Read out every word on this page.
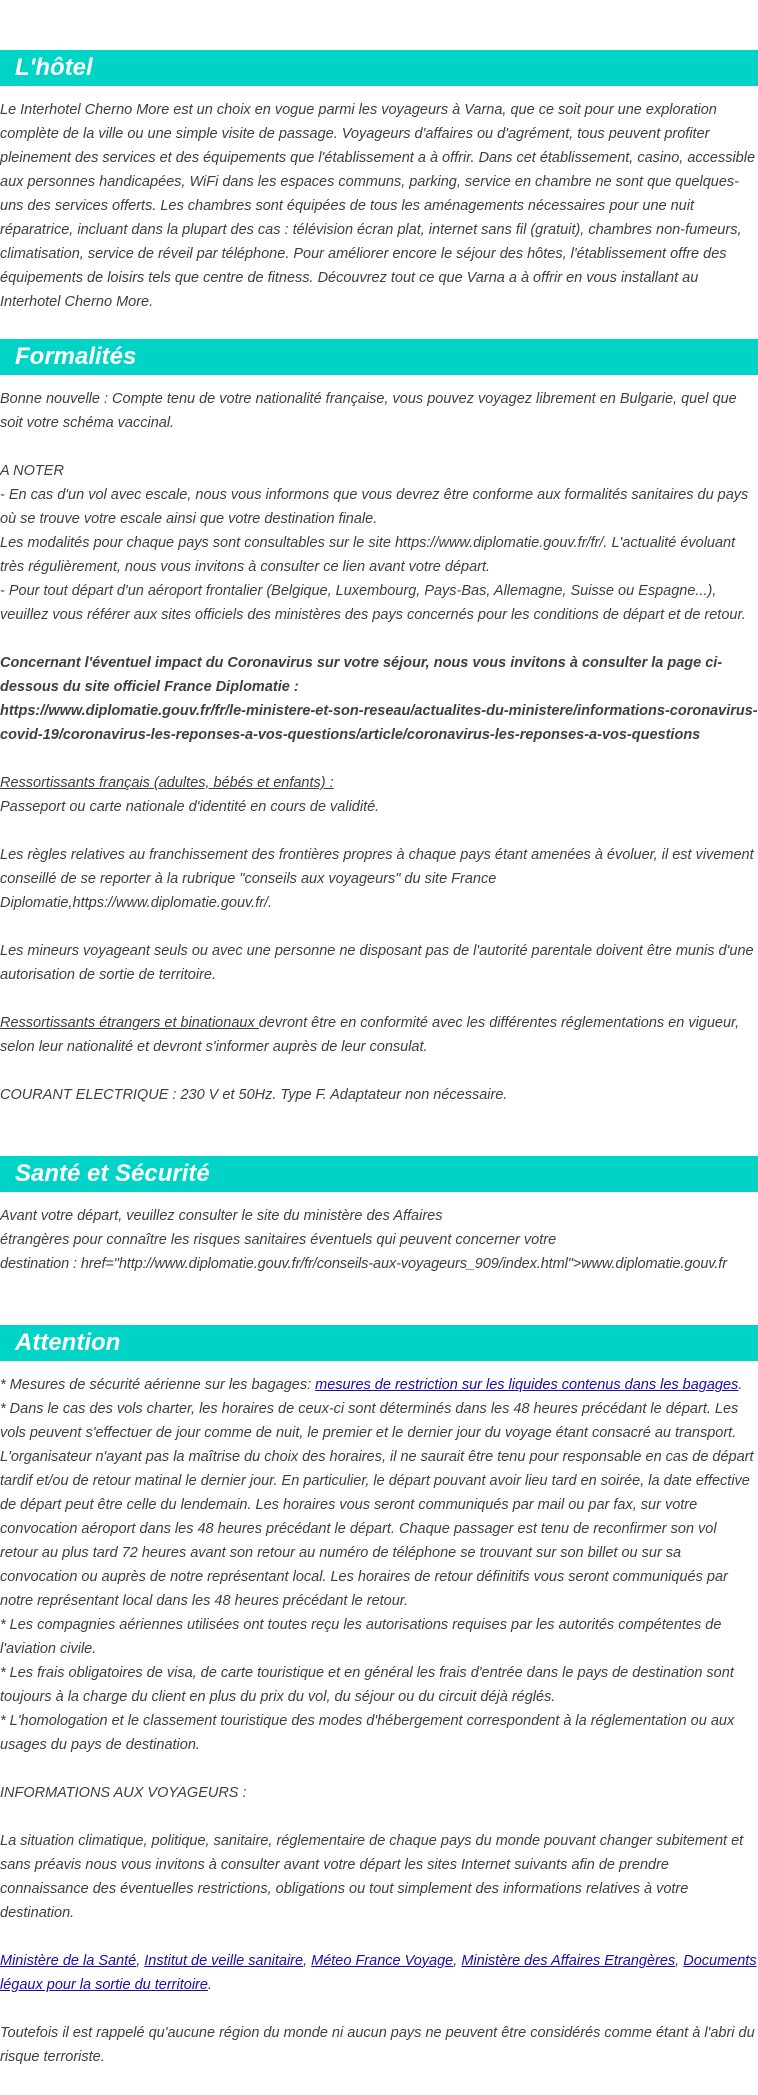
L'hôtel

Le Interhotel Cherno More est un choix en vogue parmi les voyageurs à Varna, que ce soit pour une exploration complète de la ville ou une simple visite de passage. Voyageurs d'affaires ou d'agrément, tous peuvent profiter pleinement des services et des équipements que l'établissement a à offrir. Dans cet établissement, casino, accessible aux personnes handicapées, WiFi dans les espaces communs, parking, service en chambre ne sont que quelques-uns des services offerts. Les chambres sont équipées de tous les aménagements nécessaires pour une nuit réparatrice, incluant dans la plupart des cas : télévision écran plat, internet sans fil (gratuit), chambres non-fumeurs, climatisation, service de réveil par téléphone. Pour améliorer encore le séjour des hôtes, l'établissement offre des équipements de loisirs tels que centre de fitness. Découvrez tout ce que Varna a à offrir en vous installant au Interhotel Cherno More.

Formalités

Bonne nouvelle : Compte tenu de votre nationalité française, vous pouvez voyagez librement en Bulgarie, quel que soit votre schéma vaccinal.

A NOTER

- En cas d'un vol avec escale, nous vous informons que vous devrez être conforme aux formalités sanitaires du pays où se trouve votre escale ainsi que votre destination finale.

Les modalités pour chaque pays sont consultables sur le site https://www.diplomatie.gouv.fr/fr/. L'actualité évoluant très régulièrement, nous vous invitons à consulter ce lien avant votre départ.

- Pour tout départ d'un aéroport frontalier (Belgique, Luxembourg, Pays-Bas, Allemagne, Suisse ou Espagne...), veuillez vous référer aux sites officiels des ministères des pays concernés pour les conditions de départ et de retour.

Concernant l'éventuel impact du Coronavirus sur votre séjour, nous vous invitons à consulter la page ci-dessous du site officiel France Diplomatie :
https://www.diplomatie.gouv.fr/fr/le-ministere-et-son-reseau/actualites-du-ministere/informations-coronavirus-covid-19/coronavirus-les-reponses-a-vos-questions/article/coronavirus-les-reponses-a-vos-questions

Ressortissants français (adultes, bébés et enfants) :

Passeport ou carte nationale d'identité en cours de validité.

Les règles relatives au franchissement des frontières propres à chaque pays étant amenées à évoluer, il est vivement conseillé de se reporter à la rubrique "conseils aux voyageurs" du site France Diplomatie,https://www.diplomatie.gouv.fr/.

Les mineurs voyageant seuls ou avec une personne ne disposant pas de l'autorité parentale doivent être munis d'une autorisation de sortie de territoire.

Ressortissants étrangers et binationaux devront être en conformité avec les différentes réglementations en vigueur, selon leur nationalité et devront s'informer auprès de leur consulat.

COURANT ELECTRIQUE : 230 V et 50Hz. Type F. Adaptateur non nécessaire.

Santé et Sécurité

Avant votre départ, veuillez consulter le site du ministère des Affaires

étrangères pour connaître les risques sanitaires éventuels qui peuvent concerner votre

destination : href="http://www.diplomatie.gouv.fr/fr/conseils-aux-voyageurs_909/index.html">www.diplomatie.gouv.fr

Attention

* Mesures de sécurité aérienne sur les bagages: mesures de restriction sur les liquides contenus dans les bagages.

* Dans le cas des vols charter, les horaires de ceux-ci sont déterminés dans les 48 heures précédant le départ. Les vols peuvent s'effectuer de jour comme de nuit, le premier et le dernier jour du voyage étant consacré au transport. L'organisateur n'ayant pas la maîtrise du choix des horaires, il ne saurait être tenu pour responsable en cas de départ tardif et/ou de retour matinal le dernier jour. En particulier, le départ pouvant avoir lieu tard en soirée, la date effective de départ peut être celle du lendemain. Les horaires vous seront communiqués par mail ou par fax, sur votre convocation aéroport dans les 48 heures précédant le départ. Chaque passager est tenu de reconfirmer son vol retour au plus tard 72 heures avant son retour au numéro de téléphone se trouvant sur son billet ou sur sa convocation ou auprès de notre représentant local. Les horaires de retour définitifs vous seront communiqués par notre représentant local dans les 48 heures précédant le retour.

* Les compagnies aériennes utilisées ont toutes reçu les autorisations requises par les autorités compétentes de l'aviation civile.

* Les frais obligatoires de visa, de carte touristique et en général les frais d'entrée dans le pays de destination sont toujours à la charge du client en plus du prix du vol, du séjour ou du circuit déjà réglés.

* L'homologation et le classement touristique des modes d'hébergement correspondent à la réglementation ou aux usages du pays de destination.

INFORMATIONS AUX VOYAGEURS :

La situation climatique, politique, sanitaire, réglementaire de chaque pays du monde pouvant changer subitement et sans préavis nous vous invitons à consulter avant votre départ les sites Internet suivants afin de prendre connaissance des éventuelles restrictions, obligations ou tout simplement des informations relatives à votre destination.

Ministère de la Santé, Institut de veille sanitaire, Méteo France Voyage, Ministère des Affaires Etrangères, Documents légaux pour la sortie du territoire.

Toutefois il est rappelé qu'aucune région du monde ni aucun pays ne peuvent être considérés comme étant à l'abri du risque terroriste.
